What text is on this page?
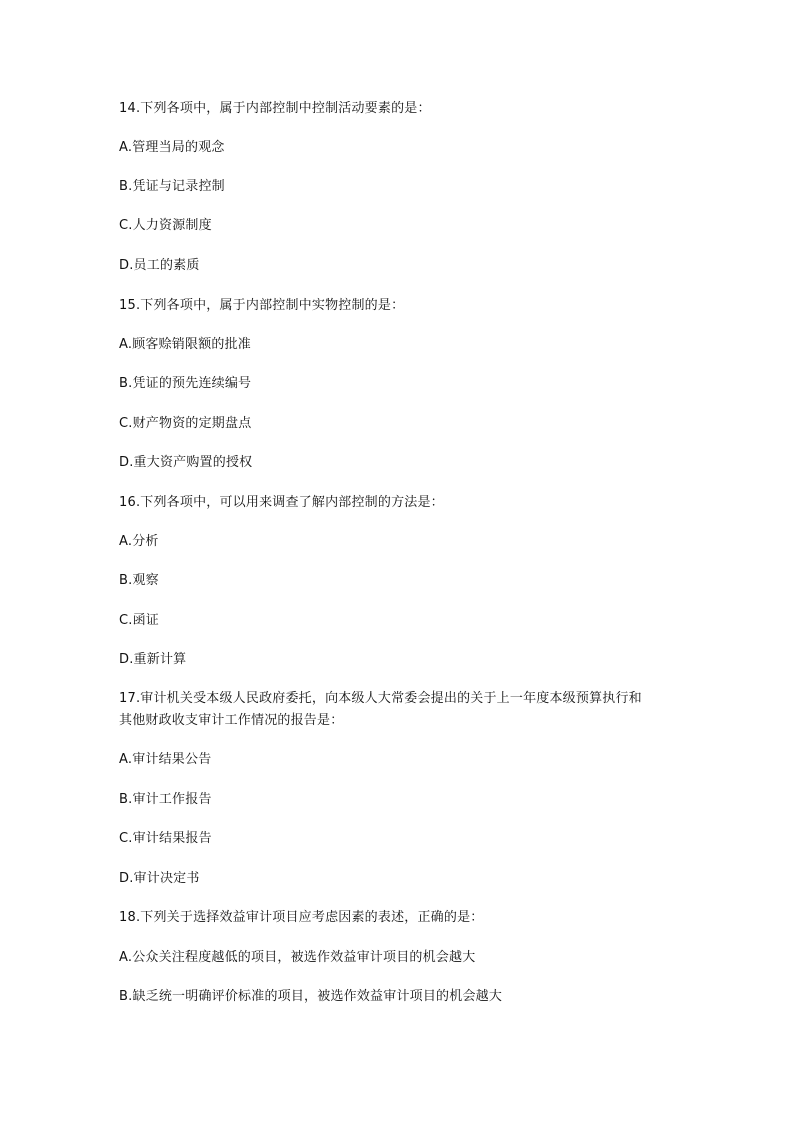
14.下列各项中，属于内部控制中控制活动要素的是：
A.管理当局的观念
B.凭证与记录控制
C.人力资源制度
D.员工的素质
15.下列各项中，属于内部控制中实物控制的是：
A.顾客赊销限额的批准
B.凭证的预先连续编号
C.财产物资的定期盘点
D.重大资产购置的授权
16.下列各项中，可以用来调查了解内部控制的方法是：
A.分析
B.观察
C.函证
D.重新计算
17.审计机关受本级人民政府委托，向本级人大常委会提出的关于上一年度本级预算执行和
其他财政收支审计工作情况的报告是：
A.审计结果公告
B.审计工作报告
C.审计结果报告
D.审计决定书
18.下列关于选择效益审计项目应考虑因素的表述，正确的是：
A.公众关注程度越低的项目，被选作效益审计项目的机会越大
B.缺乏统一明确评价标准的项目，被选作效益审计项目的机会越大
